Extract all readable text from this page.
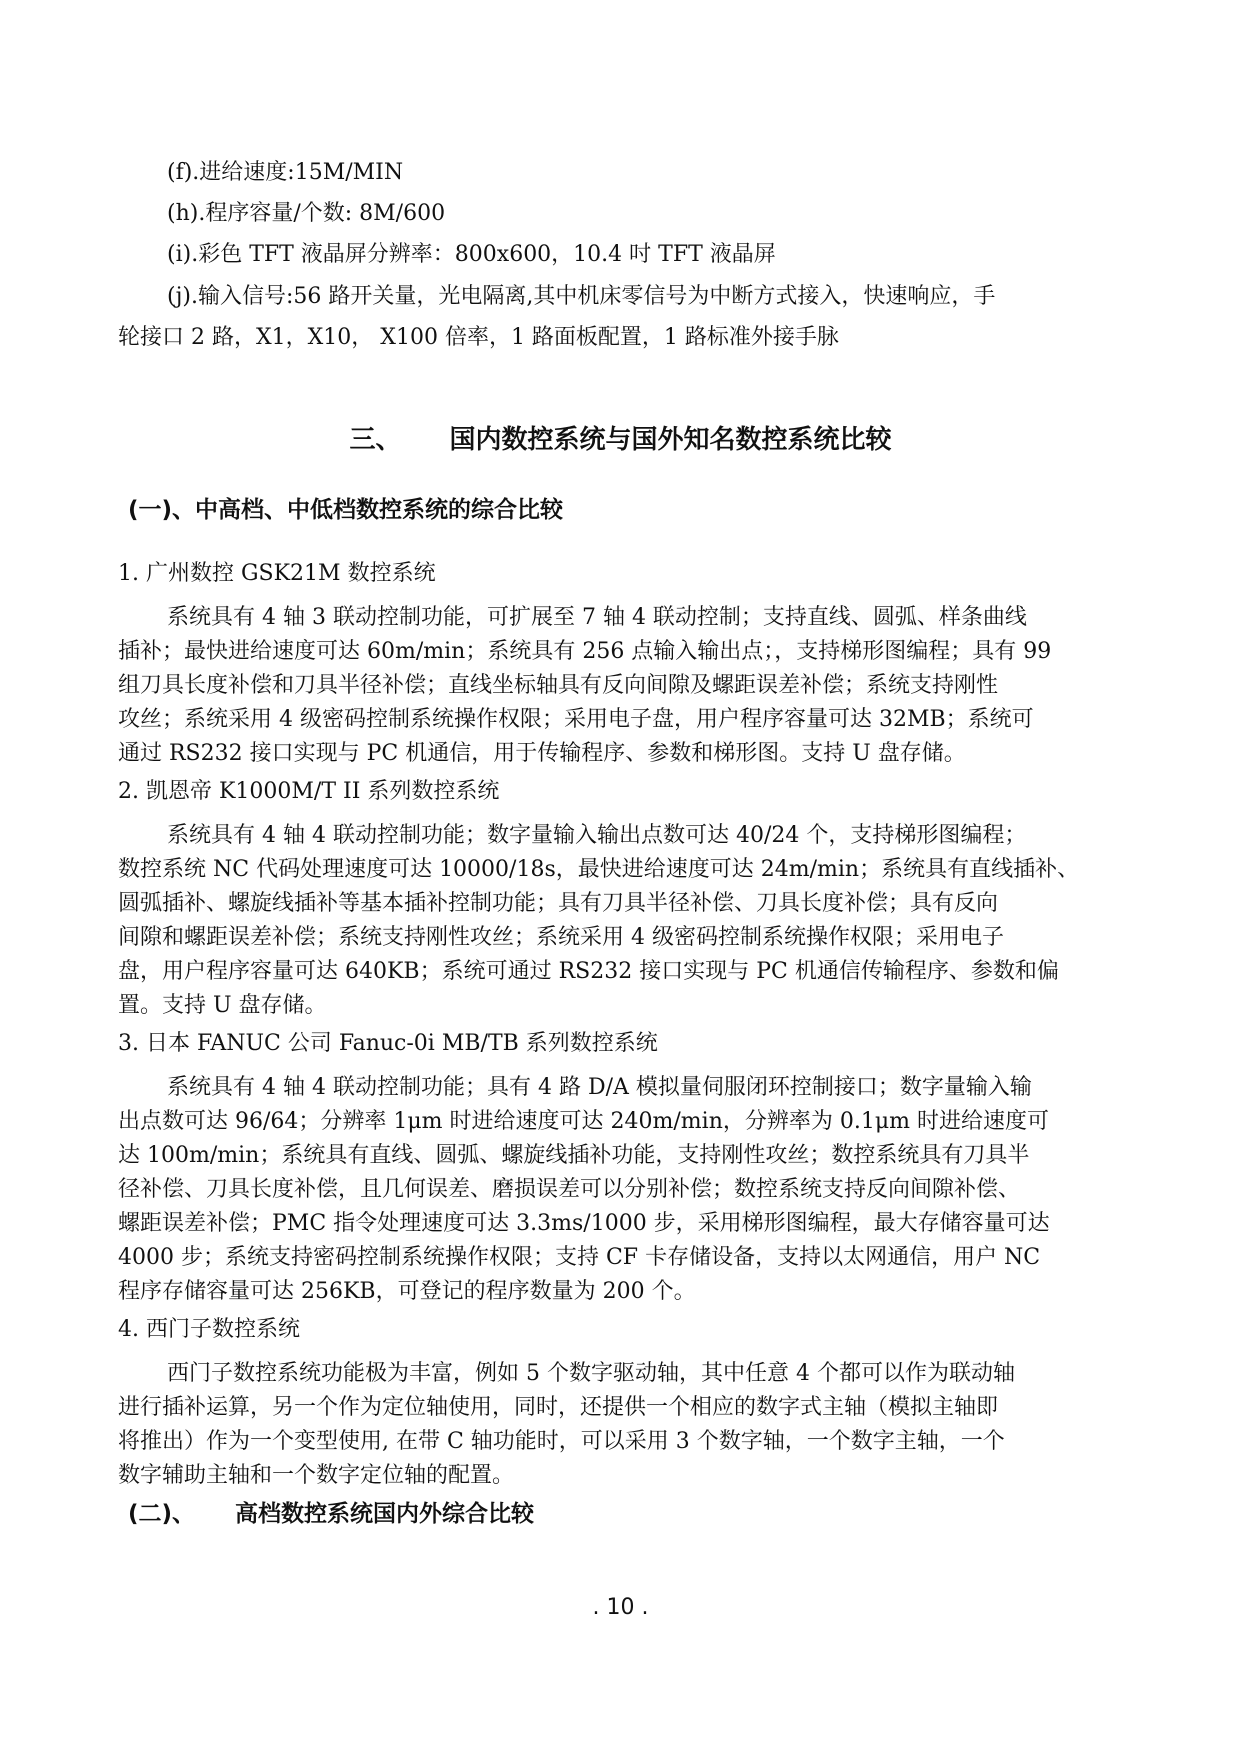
(f).进给速度:15M/MIN
(h).程序容量/个数: 8M/600
(i).彩色 TFT 液晶屏分辨率：800x600，10.4 吋 TFT 液晶屏
(j).输入信号:56 路开关量，光电隔离,其中机床零信号为中断方式接入，快速响应，手
轮接口 2 路，X1，X10， X100 倍率，1 路面板配置，1 路标准外接手脉
三、 国内数控系统与国外知名数控系统比较
(一)、中高档、中低档数控系统的综合比较
1. 广州数控 GSK21M 数控系统
系统具有 4 轴 3 联动控制功能，可扩展至 7 轴 4 联动控制；支持直线、圆弧、样条曲线
插补；最快进给速度可达 60m/min；系统具有 256 点输入输出点；，支持梯形图编程；具有 99
组刀具长度补偿和刀具半径补偿；直线坐标轴具有反向间隙及螺距误差补偿；系统支持刚性
攻丝；系统采用 4 级密码控制系统操作权限；采用电子盘，用户程序容量可达 32MB；系统可
通过 RS232 接口实现与 PC 机通信，用于传输程序、参数和梯形图。支持 U 盘存储。
2. 凯恩帝 K1000M/T II 系列数控系统
系统具有 4 轴 4 联动控制功能；数字量输入输出点数可达 40/24 个，支持梯形图编程；
数控系统 NC 代码处理速度可达 10000/18s，最快进给速度可达 24m/min；系统具有直线插补、
圆弧插补、螺旋线插补等基本插补控制功能；具有刀具半径补偿、刀具长度补偿；具有反向
间隙和螺距误差补偿；系统支持刚性攻丝；系统采用 4 级密码控制系统操作权限；采用电子
盘，用户程序容量可达 640KB；系统可通过 RS232 接口实现与 PC 机通信传输程序、参数和偏
置。支持 U 盘存储。
3. 日本 FANUC 公司 Fanuc-0i MB/TB 系列数控系统
系统具有 4 轴 4 联动控制功能；具有 4 路 D/A 模拟量伺服闭环控制接口；数字量输入输
出点数可达 96/64；分辨率 1μm 时进给速度可达 240m/min，分辨率为 0.1μm 时进给速度可
达 100m/min；系统具有直线、圆弧、螺旋线插补功能，支持刚性攻丝；数控系统具有刀具半
径补偿、刀具长度补偿，且几何误差、磨损误差可以分别补偿；数控系统支持反向间隙补偿、
螺距误差补偿；PMC 指令处理速度可达 3.3ms/1000 步，采用梯形图编程，最大存储容量可达
4000 步；系统支持密码控制系统操作权限；支持 CF 卡存储设备，支持以太网通信，用户 NC
程序存储容量可达 256KB，可登记的程序数量为 200 个。
4. 西门子数控系统
西门子数控系统功能极为丰富，例如 5 个数字驱动轴，其中任意 4 个都可以作为联动轴
进行插补运算，另一个作为定位轴使用，同时，还提供一个相应的数字式主轴（模拟主轴即
将推出）作为一个变型使用, 在带 C 轴功能时，可以采用 3 个数字轴，一个数字主轴，一个
数字辅助主轴和一个数字定位轴的配置。
(二)、 高档数控系统国内外综合比较
. 10 .
